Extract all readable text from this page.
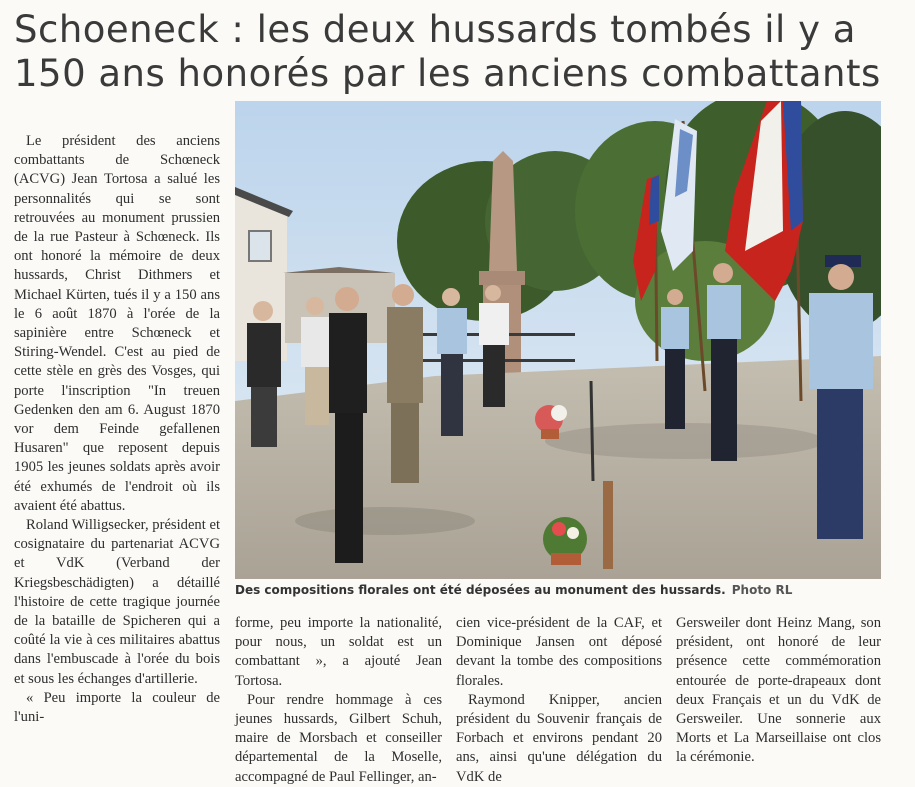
Schoeneck : les deux hussards tombés il y a
150 ans honorés par les anciens combattants

Le président des anciens combattants de Schœneck (ACVG) Jean Tortosa a salué les personnalités qui se sont retrouvées au monument prussien de la rue Pasteur à Schœneck. Ils ont honoré la mémoire de deux hussards, Christ Dithmers et Michael Kürten, tués il y a 150 ans le 6 août 1870 à l'orée de la sapinière entre Schœneck et Stiring-Wendel. C'est au pied de cette stèle en grès des Vosges, qui porte l'inscription "In treuen Gedenken den am 6. August 1870 vor dem Feinde gefallenen Husaren" que reposent depuis 1905 les jeunes soldats après avoir été exhumés de l'endroit où ils avaient été abattus.

Roland Willigsecker, président et cosignataire du partenariat ACVG et VdK (Verband der Kriegsbeschädigten) a détaillé l'histoire de cette tragique journée de la bataille de Spicheren qui a coûté la vie à ces militaires abattus dans l'embuscade à l'orée du bois et sous les échanges d'artillerie.

« Peu importe la couleur de l'uni-

Des compositions florales ont été déposées au monument des hussards. Photo RL

forme, peu importe la nationalité, pour nous, un soldat est un combattant », a ajouté Jean Tortosa.

Pour rendre hommage à ces jeunes hussards, Gilbert Schuh, maire de Morsbach et conseiller départemental de la Moselle, accompagné de Paul Fellinger, an-

cien vice-président de la CAF, et Dominique Jansen ont déposé devant la tombe des compositions florales.

Raymond Knipper, ancien président du Souvenir français de Forbach et environs pendant 20 ans, ainsi qu'une délégation du VdK de

Gersweiler dont Heinz Mang, son président, ont honoré de leur présence cette commémoration entourée de porte-drapeaux dont deux Français et un du VdK de Gersweiler. Une sonnerie aux Morts et La Marseillaise ont clos la cérémonie.
